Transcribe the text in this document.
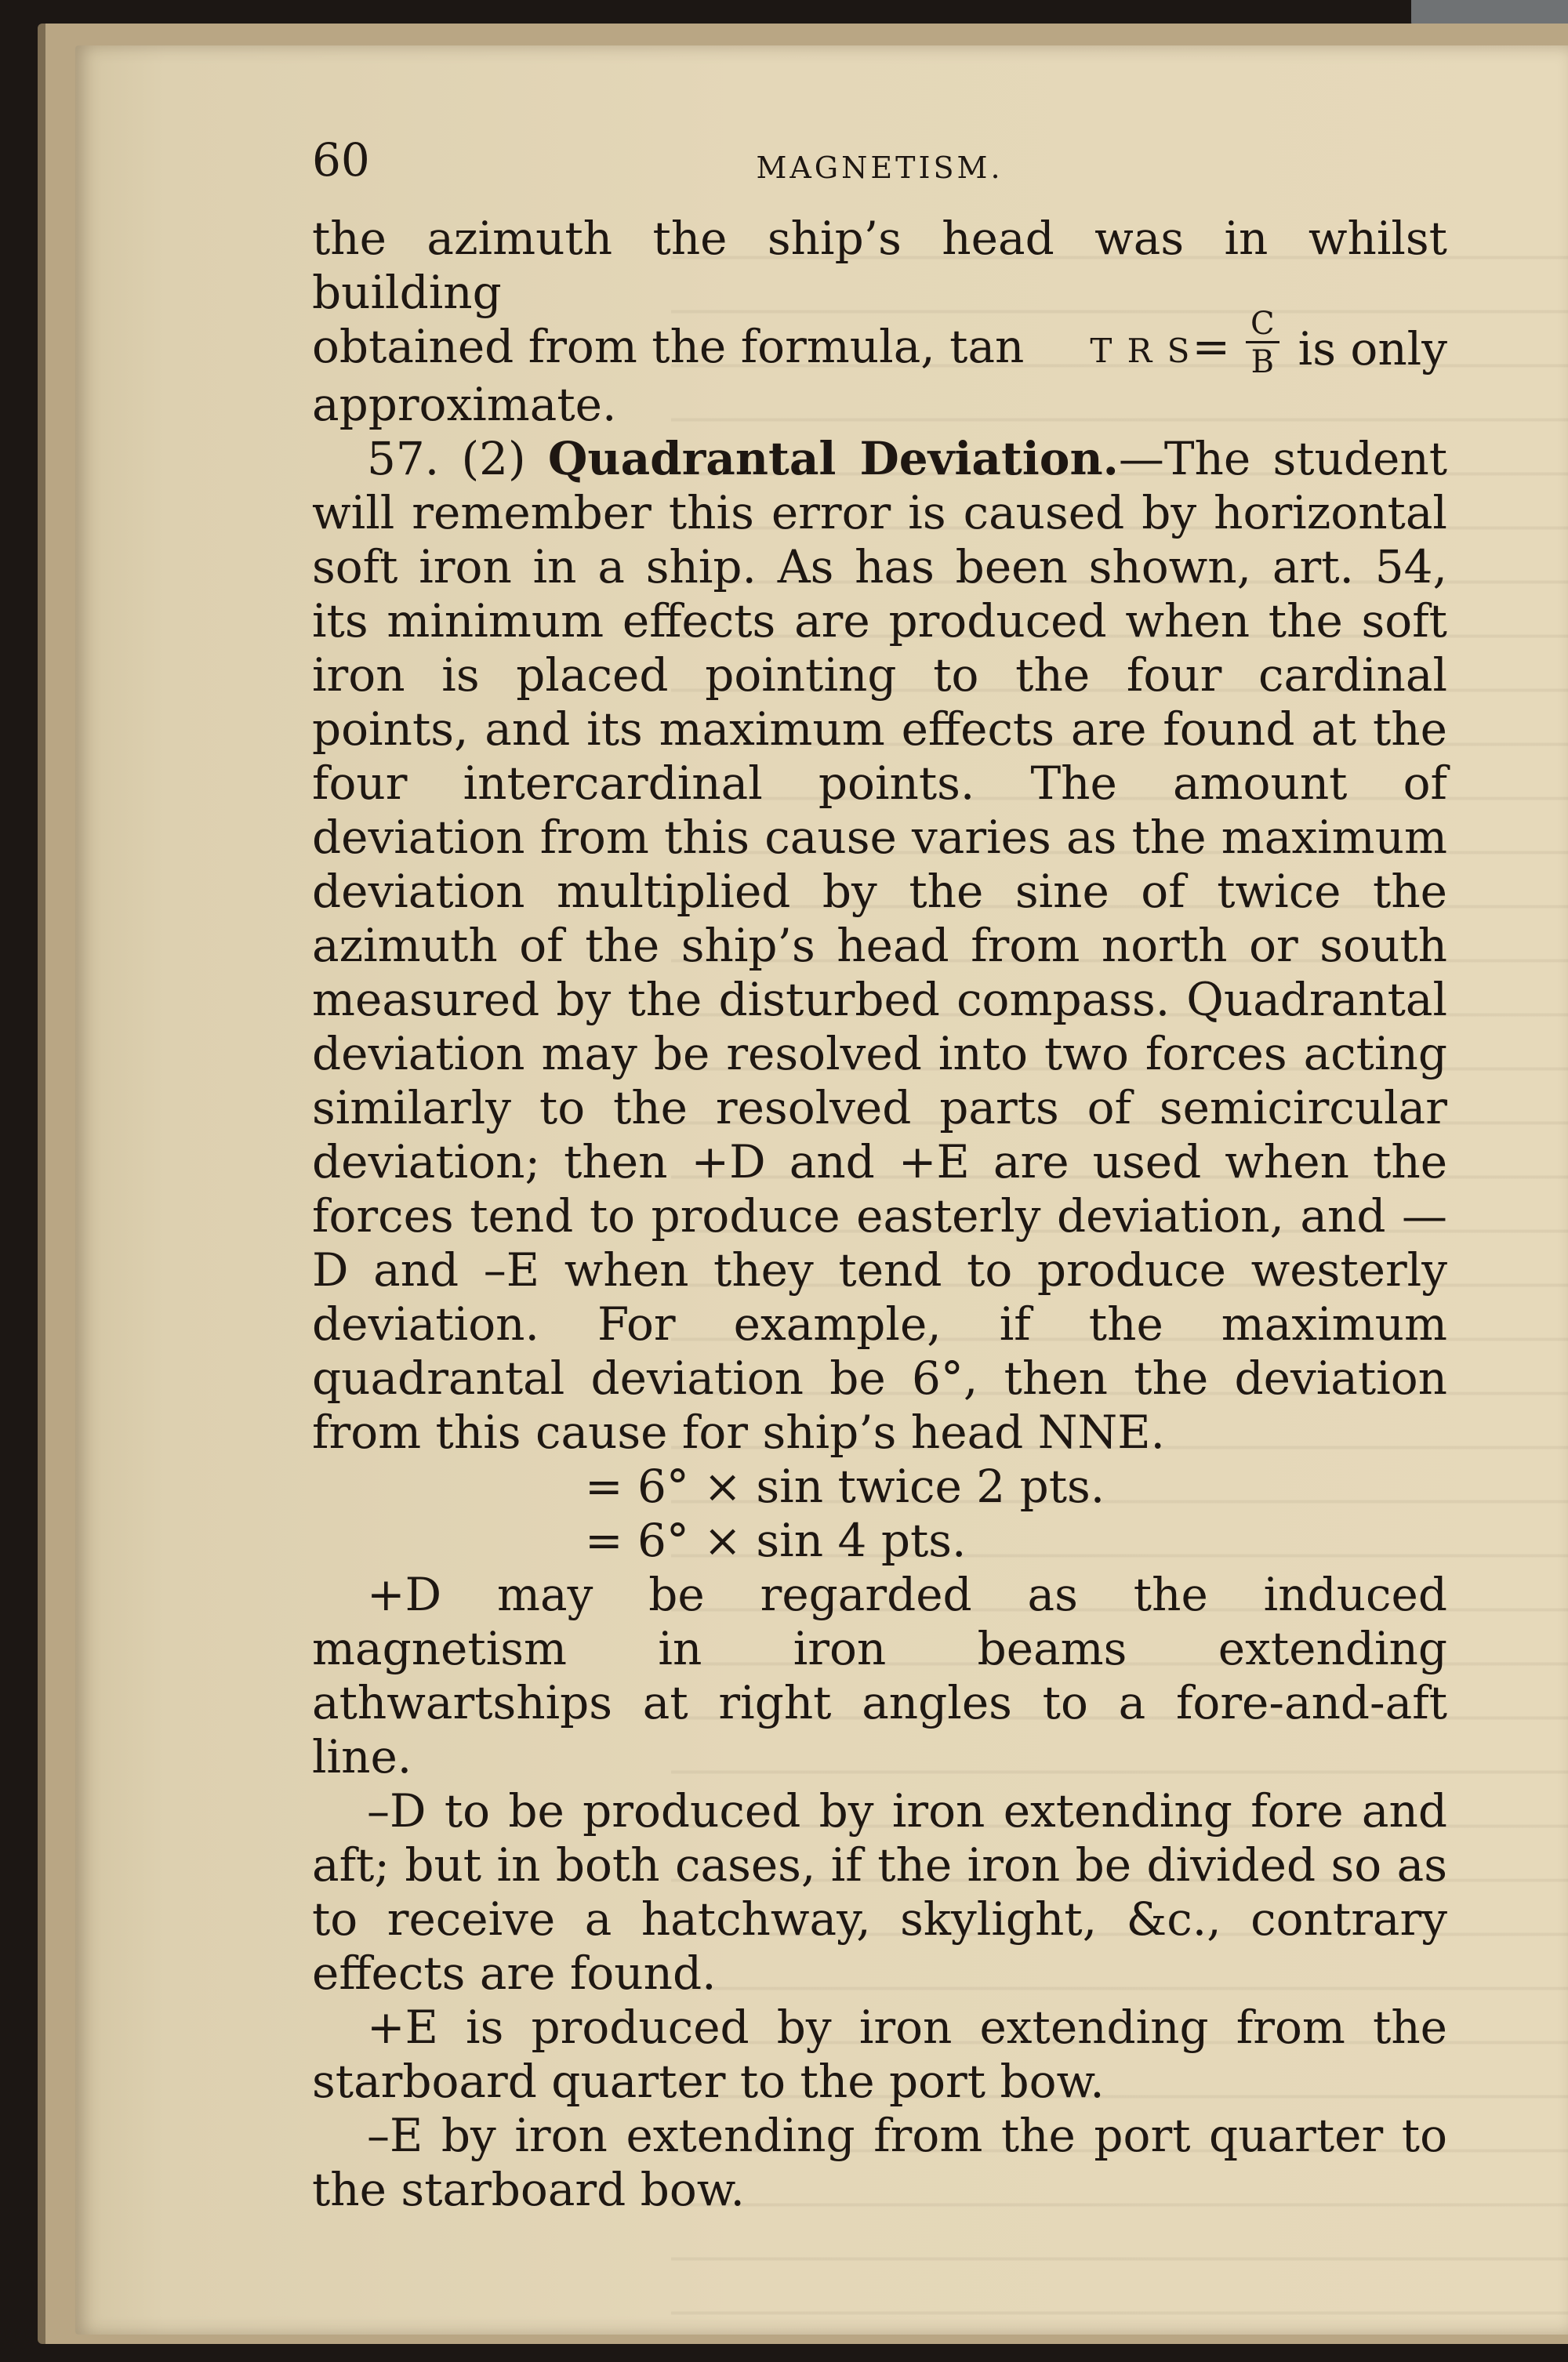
60	MAGNETISM.

the azimuth the ship’s head was in whilst building

obtained from the formula, tan T R $S= \frac{C}{B}$ is only

approximate.

57. (2) Quadrantal Deviation.—The student will remember this error is caused by horizontal soft iron in a ship. As has been shown, art. 54, its minimum effects are produced when the soft iron is placed pointing to the four cardinal points, and its maximum effects are found at the four intercardinal points. The amount of deviation from this cause varies as the maximum deviation multiplied by the sine of twice the azimuth of the ship’s head from north or south measured by the disturbed compass. Quadrantal deviation may be resolved into two forces acting similarly to the resolved parts of semicircular deviation; then +D and +E are used when the forces tend to produce easterly deviation, and —D and –E when they tend to produce westerly deviation. For example, if the maximum quadrantal deviation be 6°, then the deviation from this cause for ship’s head NNE.

= 6° × sin twice 2 pts.

= 6° × sin 4 pts.

+D may be regarded as the induced magnetism in iron beams extending athwartships at right angles to a fore-and-aft line.

–D to be produced by iron extending fore and aft; but in both cases, if the iron be divided so as to receive a hatchway, skylight, &c., contrary effects are found.

+E is produced by iron extending from the starboard quarter to the port bow.

–E by iron extending from the port quarter to the starboard bow.
